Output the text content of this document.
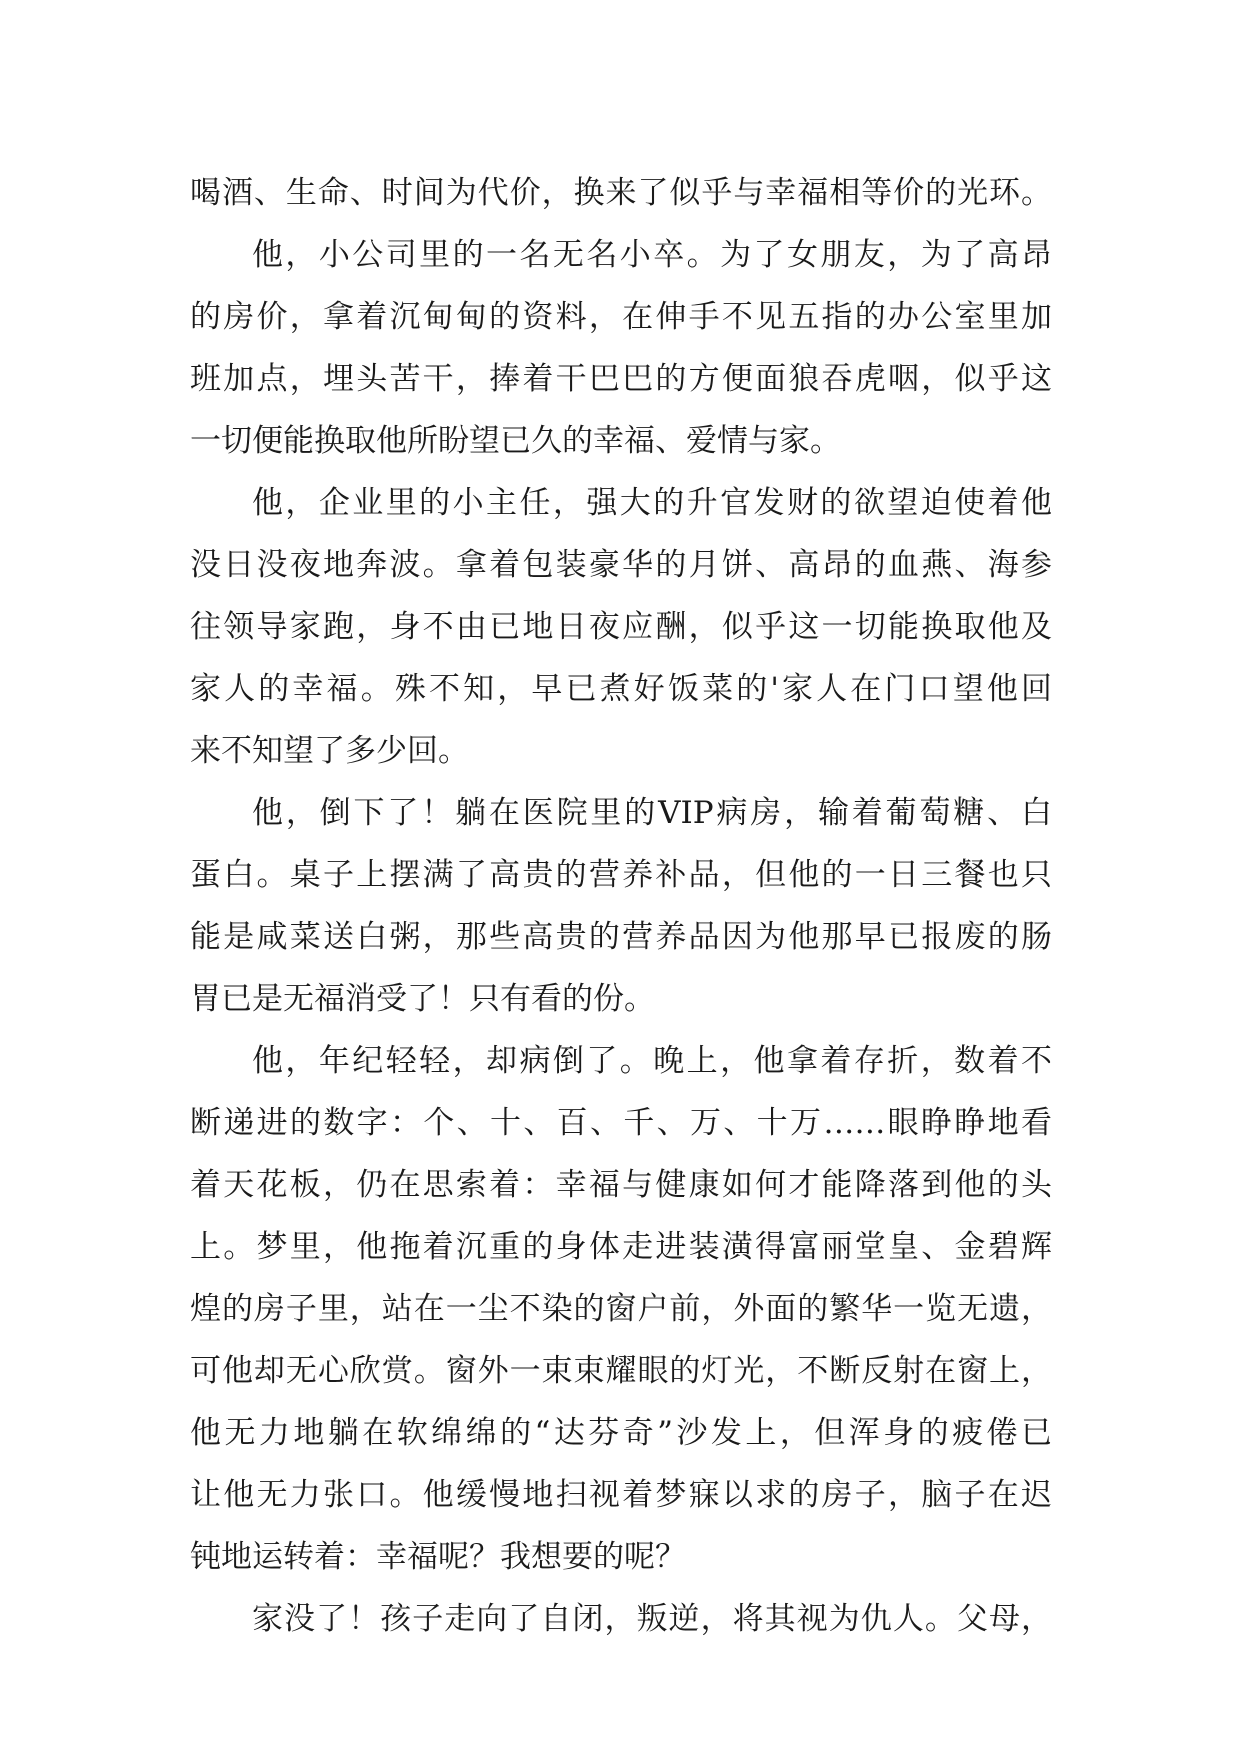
喝酒、生命、时间为代价，换来了似乎与幸福相等价的光环。
他，小公司里的一名无名小卒。为了女朋友，为了高昂
的房价，拿着沉甸甸的资料，在伸手不见五指的办公室里加
班加点，埋头苦干，捧着干巴巴的方便面狼吞虎咽，似乎这
一切便能换取他所盼望已久的幸福、爱情与家。
他，企业里的小主任，强大的升官发财的欲望迫使着他
没日没夜地奔波。拿着包装豪华的月饼、高昂的血燕、海参
往领导家跑，身不由已地日夜应酬，似乎这一切能换取他及
家人的幸福。殊不知，早已煮好饭菜的'家人在门口望他回
来不知望了多少回。
他，倒下了！躺在医院里的VIP病房，输着葡萄糖、白
蛋白。桌子上摆满了高贵的营养补品，但他的一日三餐也只
能是咸菜送白粥，那些高贵的营养品因为他那早已报废的肠
胃已是无福消受了！只有看的份。
他，年纪轻轻，却病倒了。晚上，他拿着存折，数着不
断递进的数字：个、十、百、千、万、十万……眼睁睁地看
着天花板，仍在思索着：幸福与健康如何才能降落到他的头
上。梦里，他拖着沉重的身体走进装潢得富丽堂皇、金碧辉
煌的房子里，站在一尘不染的窗户前，外面的繁华一览无遗，
可他却无心欣赏。窗外一束束耀眼的灯光，不断反射在窗上，
他无力地躺在软绵绵的“达芬奇”沙发上，但浑身的疲倦已
让他无力张口。他缓慢地扫视着梦寐以求的房子，脑子在迟
钝地运转着：幸福呢？我想要的呢？
家没了！孩子走向了自闭，叛逆，将其视为仇人。父母，
